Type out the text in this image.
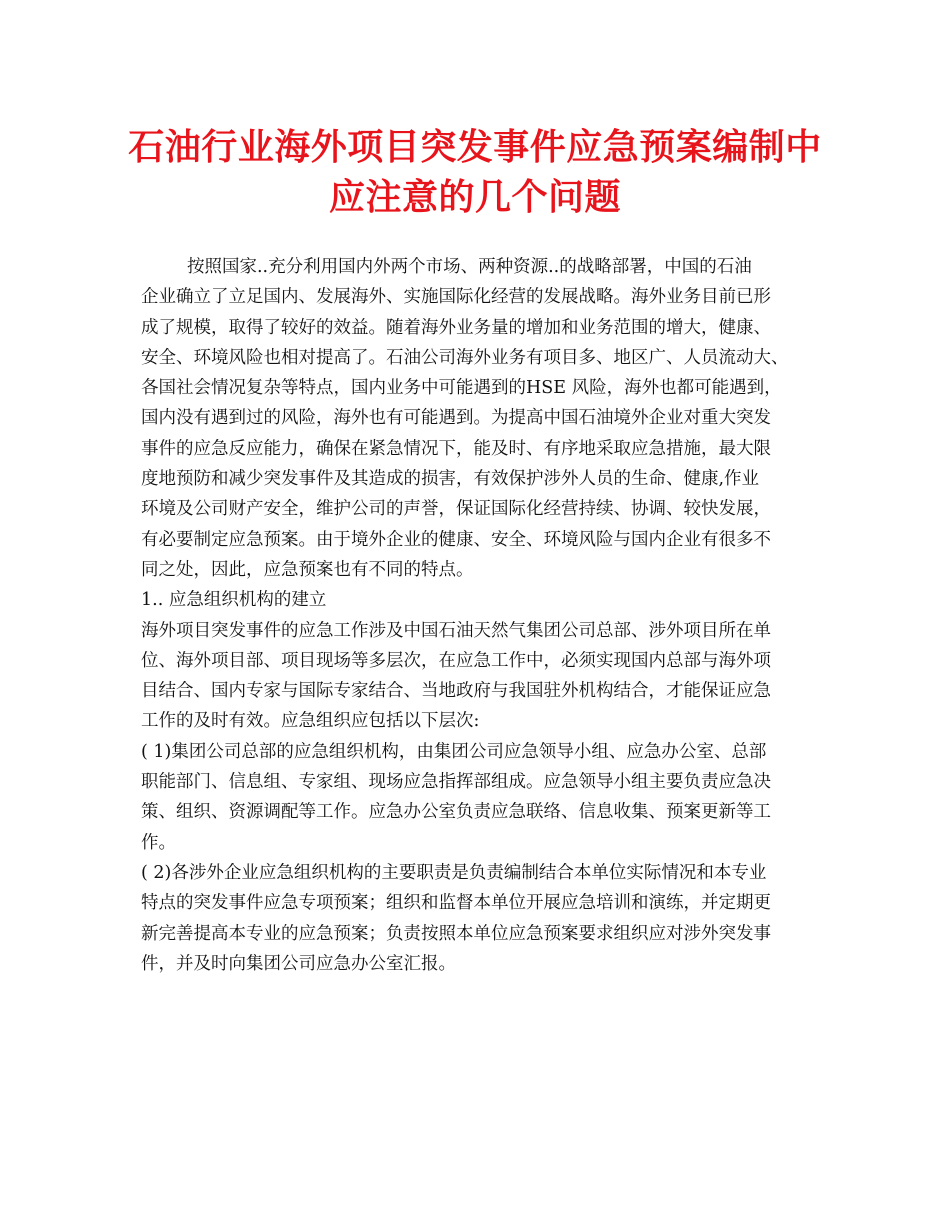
石油行业海外项目突发事件应急预案编制中
应注意的几个问题
按照国家..充分利用国内外两个市场、两种资源..的战略部署，中国的石油
企业确立了立足国内、发展海外、实施国际化经营的发展战略。海外业务目前已形
成了规模，取得了较好的效益。随着海外业务量的增加和业务范围的增大，健康、
安全、环境风险也相对提高了。石油公司海外业务有项目多、地区广、人员流动大、
各国社会情况复杂等特点，国内业务中可能遇到的HSE 风险，海外也都可能遇到，
国内没有遇到过的风险，海外也有可能遇到。为提高中国石油境外企业对重大突发
事件的应急反应能力，确保在紧急情况下，能及时、有序地采取应急措施，最大限
度地预防和减少突发事件及其造成的损害，有效保护涉外人员的生命、健康,作业
环境及公司财产安全，维护公司的声誉，保证国际化经营持续、协调、较快发展，
有必要制定应急预案。由于境外企业的健康、安全、环境风险与国内企业有很多不
同之处，因此，应急预案也有不同的特点。
1.. 应急组织机构的建立
海外项目突发事件的应急工作涉及中国石油天然气集团公司总部、涉外项目所在单
位、海外项目部、项目现场等多层次，在应急工作中，必须实现国内总部与海外项
目结合、国内专家与国际专家结合、当地政府与我国驻外机构结合，才能保证应急
工作的及时有效。应急组织应包括以下层次:
( 1)集团公司总部的应急组织机构，由集团公司应急领导小组、应急办公室、总部
职能部门、信息组、专家组、现场应急指挥部组成。应急领导小组主要负责应急决
策、组织、资源调配等工作。应急办公室负责应急联络、信息收集、预案更新等工
作。
( 2)各涉外企业应急组织机构的主要职责是负责编制结合本单位实际情况和本专业
特点的突发事件应急专项预案；组织和监督本单位开展应急培训和演练，并定期更
新完善提高本专业的应急预案；负责按照本单位应急预案要求组织应对涉外突发事
件，并及时向集团公司应急办公室汇报。
